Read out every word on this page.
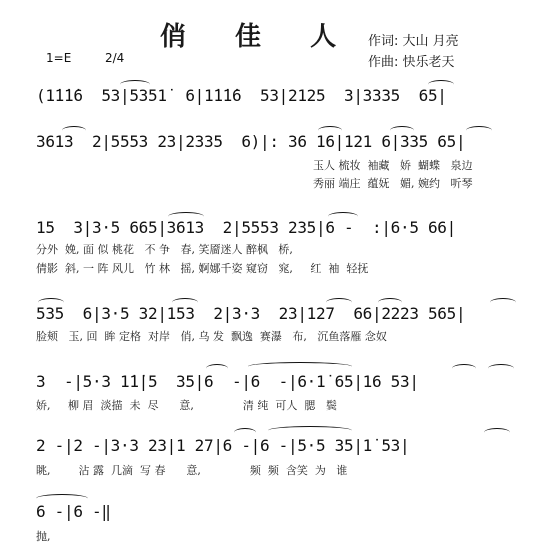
俏 佳 人 作词: 大山 月亮
作曲: 快乐老天
1=E	2/4
(1̇1̇1̇6  53|5351̇  6|1̇1̇1̇6  53|2125  3|3335  65|
3613  2|5553 23|2335  6)|: 36 16|121 6|335 65|
玉人 梳妆  袖藏   娇  蝴蝶   泉边
秀丽 端庄  蕴妩   媚, 婉约   听琴
15  3|3·5 665|3613  2|5553 235|6 -  :|6·5 66|
分外  娩, 面 似 桃花   不 争   春, 笑靥迷人 醉枫   桥,
倩影  斜, 一 阵 风儿   竹 林   摇, 婀娜千姿 窥窃   窕,     红  袖  轻抚
535  6|3·5 32|153  2|3·3  23|127  66|2223 565|
脸颊   玉, 回  眸 定格  对岸   俏, 乌 发  飘逸  赛瀑   布,   沉鱼落雁 念奴
3  -|5·3 1̇1̇|5  35|6  -|6  -|6·1̇ 65|16 53|
娇,     柳 眉  淡描  未  尽      意,              清 纯  可人  腮   鬓
2 -|2 -|3·3 23|1 27|6 -|6 -|5·5 35|1̇ 53|
眺,        沾 露  几滴  写 春      意,              频  频  含笑  为   谁
6 -|6 -‖
抛,
